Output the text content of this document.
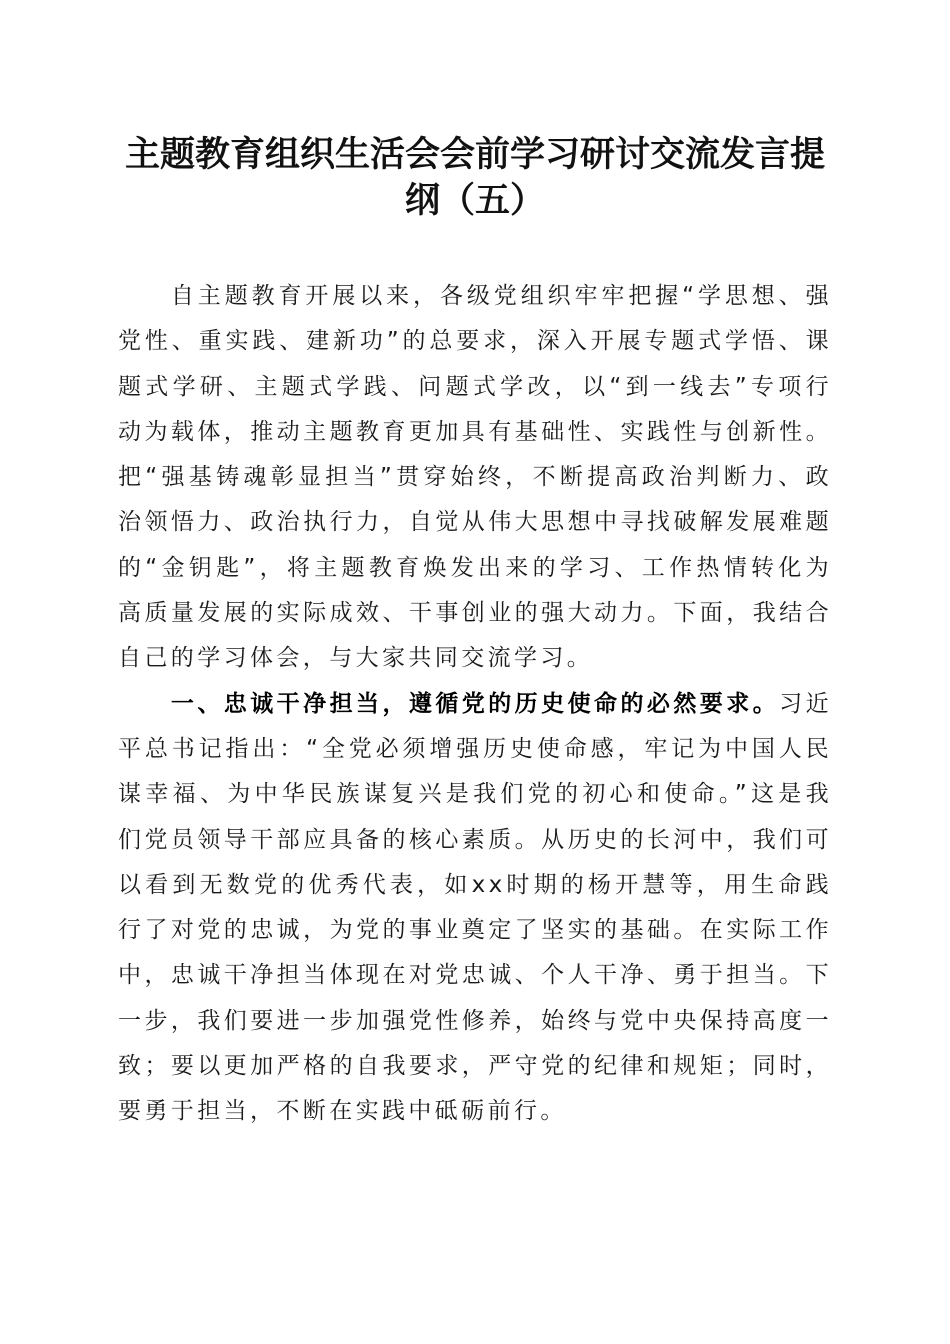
主题教育组织生活会会前学习研讨交流发言提纲（五）

自主题教育开展以来，各级党组织牢牢把握“学思想、强党性、重实践、建新功”的总要求，深入开展专题式学悟、课题式学研、主题式学践、问题式学改，以“到一线去”专项行动为载体，推动主题教育更加具有基础性、实践性与创新性。把“强基铸魂彰显担当”贯穿始终，不断提高政治判断力、政治领悟力、政治执行力，自觉从伟大思想中寻找破解发展难题的“金钥匙”，将主题教育焕发出来的学习、工作热情转化为高质量发展的实际成效、干事创业的强大动力。下面，我结合自己的学习体会，与大家共同交流学习。

一、忠诚干净担当，遵循党的历史使命的必然要求。习近平总书记指出：“全党必须增强历史使命感，牢记为中国人民谋幸福、为中华民族谋复兴是我们党的初心和使命。”这是我们党员领导干部应具备的核心素质。从历史的长河中，我们可以看到无数党的优秀代表，如xx时期的杨开慧等，用生命践行了对党的忠诚，为党的事业奠定了坚实的基础。在实际工作中，忠诚干净担当体现在对党忠诚、个人干净、勇于担当。下一步，我们要进一步加强党性修养，始终与党中央保持高度一致；要以更加严格的自我要求，严守党的纪律和规矩；同时，要勇于担当，不断在实践中砥砺前行。
